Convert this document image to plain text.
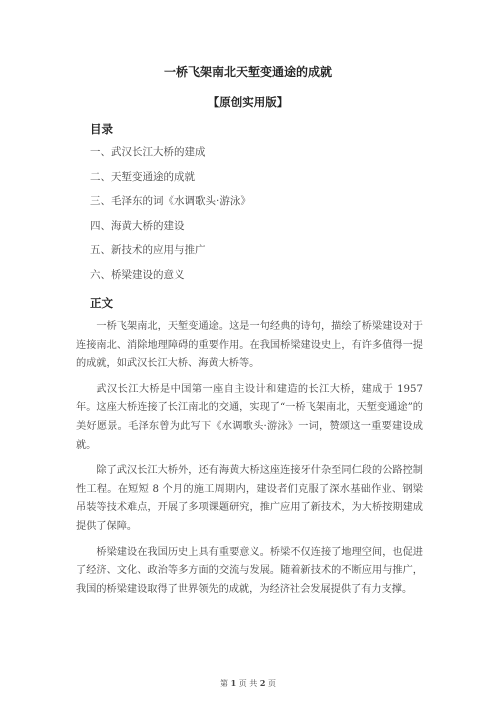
一桥飞架南北天堑变通途的成就
【原创实用版】
目录
一、武汉长江大桥的建成
二、天堑变通途的成就
三、毛泽东的词《水调歌头·游泳》
四、海黄大桥的建设
五、新技术的应用与推广
六、桥梁建设的意义
正文

一桥飞架南北，天堑变通途。这是一句经典的诗句，描绘了桥梁建设对于连接南北、消除地理障碍的重要作用。在我国桥梁建设史上，有许多值得一提的成就，如武汉长江大桥、海黄大桥等。

武汉长江大桥是中国第一座自主设计和建造的长江大桥，建成于 1957 年。这座大桥连接了长江南北的交通，实现了“一桥飞架南北，天堑变通途”的美好愿景。毛泽东曾为此写下《水调歌头·游泳》一词，赞颂这一重要建设成就。

除了武汉长江大桥外，还有海黄大桥这座连接牙什杂至同仁段的公路控制性工程。在短短 8 个月的施工周期内，建设者们克服了深水基础作业、钢梁吊装等技术难点，开展了多项课题研究，推广应用了新技术，为大桥按期建成提供了保障。

桥梁建设在我国历史上具有重要意义。桥梁不仅连接了地理空间，也促进了经济、文化、政治等多方面的交流与发展。随着新技术的不断应用与推广，我国的桥梁建设取得了世界领先的成就，为经济社会发展提供了有力支撑。

第 1 页 共 2 页
